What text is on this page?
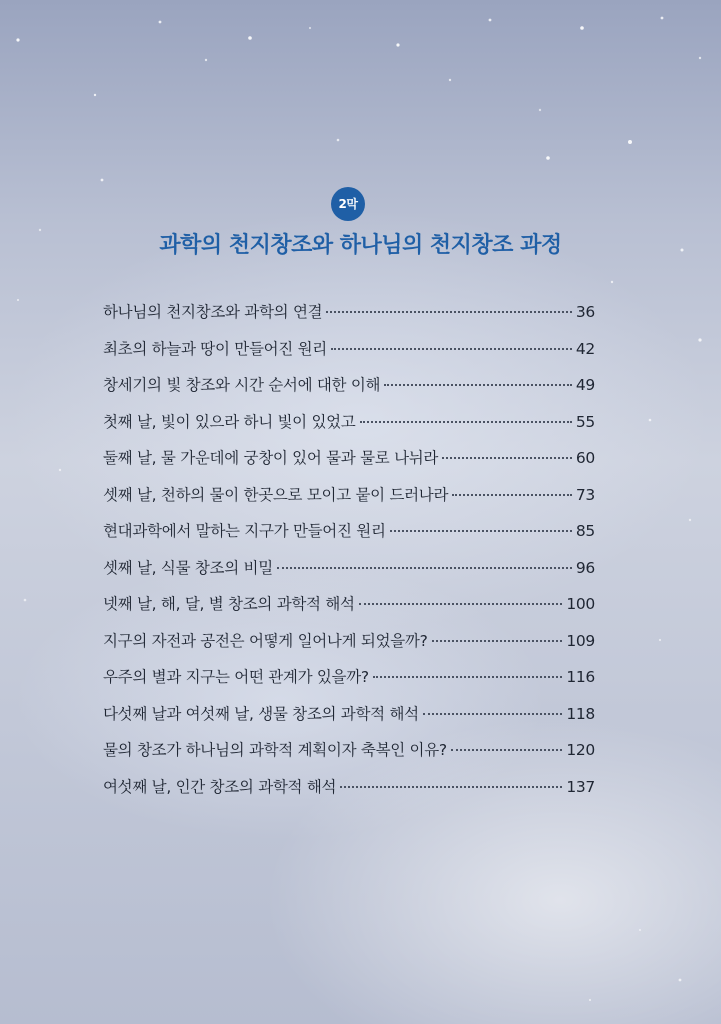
2막
과학의 천지창조와 하나님의 천지창조 과정
하나님의 천지창조와 과학의 연결	36
최초의 하늘과 땅이 만들어진 원리	42
창세기의 빛 창조와 시간 순서에 대한 이해	49
첫째 날, 빛이 있으라 하니 빛이 있었고	55
둘째 날, 물 가운데에 궁창이 있어 물과 물로 나뉘라	60
셋째 날, 천하의 물이 한곳으로 모이고 뭍이 드러나라	73
현대과학에서 말하는 지구가 만들어진 원리	85
셋째 날, 식물 창조의 비밀	96
넷째 날, 해, 달, 별 창조의 과학적 해석	100
지구의 자전과 공전은 어떻게 일어나게 되었을까?	109
우주의 별과 지구는 어떤 관계가 있을까?	116
다섯째 날과 여섯째 날, 생물 창조의 과학적 해석	118
물의 창조가 하나님의 과학적 계획이자 축복인 이유?	120
여섯째 날, 인간 창조의 과학적 해석	137
